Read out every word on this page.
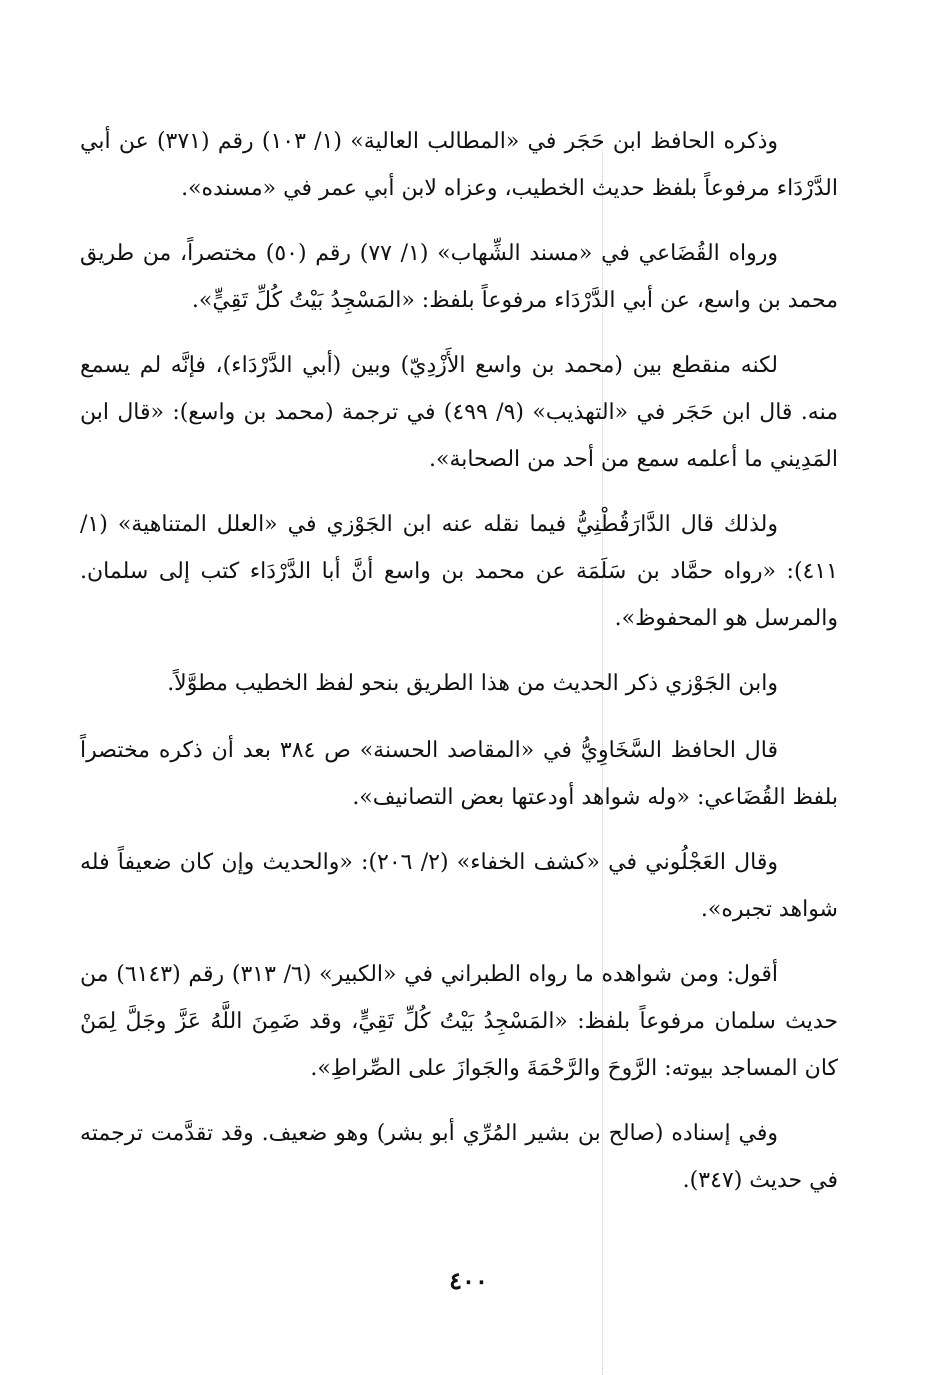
وذكره الحافظ ابن حَجَر في «المطالب العالية» (١/ ١٠٣) رقم (٣٧١) عن أبي الدَّرْدَاء مرفوعاً بلفظ حديث الخطيب، وعزاه لابن أبي عمر في «مسنده».

ورواه القُضَاعي في «مسند الشِّهاب» (١/ ٧٧) رقم (٥٠) مختصراً، من طريق محمد بن واسع، عن أبي الدَّرْدَاء مرفوعاً بلفظ: «المَسْجِدُ بَيْتُ كُلِّ تَقِيٍّ».

لكنه منقطع بين (محمد بن واسع الأَزْدِيّ) وبين (أبي الدَّرْدَاء)، فإنَّه لم يسمع منه. قال ابن حَجَر في «التهذيب» (٩/ ٤٩٩) في ترجمة (محمد بن واسع): «قال ابن المَدِيني ما أعلمه سمع من أحد من الصحابة».

ولذلك قال الدَّارَقُطْنِيُّ فيما نقله عنه ابن الجَوْزي في «العلل المتناهية» (١/ ٤١١): «رواه حمَّاد بن سَلَمَة عن محمد بن واسع أنَّ أبا الدَّرْدَاء كتب إلى سلمان. والمرسل هو المحفوظ».

وابن الجَوْزي ذكر الحديث من هذا الطريق بنحو لفظ الخطيب مطوَّلاً.

قال الحافظ السَّخَاوِيُّ في «المقاصد الحسنة» ص ٣٨٤ بعد أن ذكره مختصراً بلفظ القُضَاعي: «وله شواهد أودعتها بعض التصانيف».

وقال العَجْلُوني في «كشف الخفاء» (٢/ ٢٠٦): «والحديث وإن كان ضعيفاً فله شواهد تجبره».

أقول: ومن شواهده ما رواه الطبراني في «الكبير» (٦/ ٣١٣) رقم (٦١٤٣) من حديث سلمان مرفوعاً بلفظ: «المَسْجِدُ بَيْتُ كُلِّ تَقِيٍّ، وقد ضَمِنَ اللَّهُ عَزَّ وجَلَّ لِمَنْ كان المساجد بيوته: الرَّوحَ والرَّحْمَةَ والجَوازَ على الصِّراطِ».

وفي إسناده (صالح بن بشير المُرِّي أبو بشر) وهو ضعيف. وقد تقدَّمت ترجمته في حديث (٣٤٧).

٤٠٠
